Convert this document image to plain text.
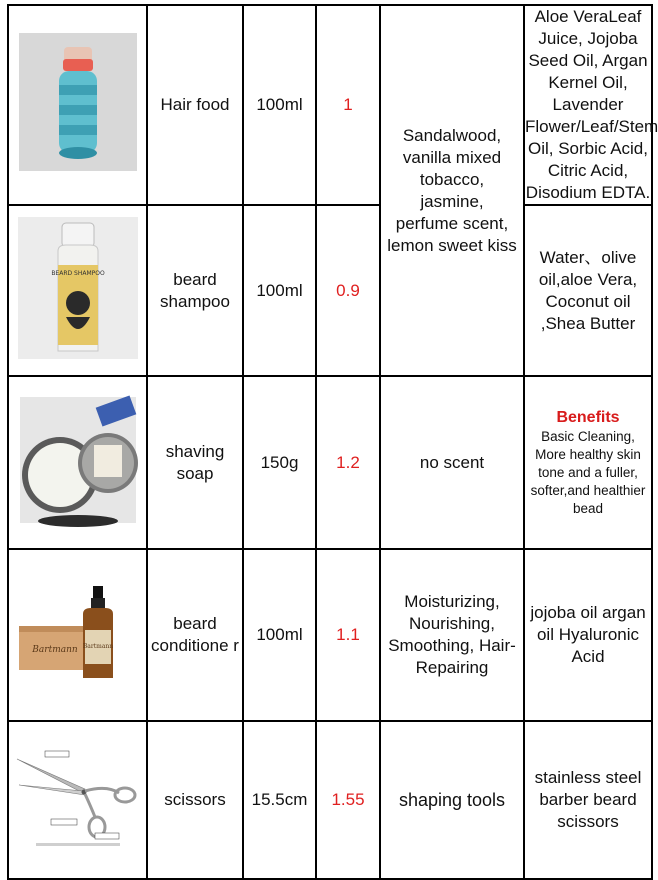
	Hair food	100ml	1	Sandalwood, vanilla mixed tobacco, jasmine, perfume scent, lemon sweet kiss	Aloe VeraLeaf Juice, Jojoba Seed Oil, Argan Kernel Oil, Lavender Flower/Leaf/Stem Oil, Sorbic Acid, Citric Acid, Disodium EDTA.

BEARD SHAMPOO	beard shampoo	100ml	0.9		Water、olive oil,aloe Vera, Coconut oil ,Shea Butter
	shaving soap	150g	1.2	no scent	Benefits
Basic Cleaning, More healthy skin tone and a fuller, softer,and healthier bead

Bartmann Bartmann	beard conditione r	100ml	1.1	Moisturizing, Nourishing, Smoothing, Hair-Repairing	jojoba oil argan oil Hyaluronic Acid
	scissors	15.5cm	1.55	shaping tools	stainless steel barber beard scissors
